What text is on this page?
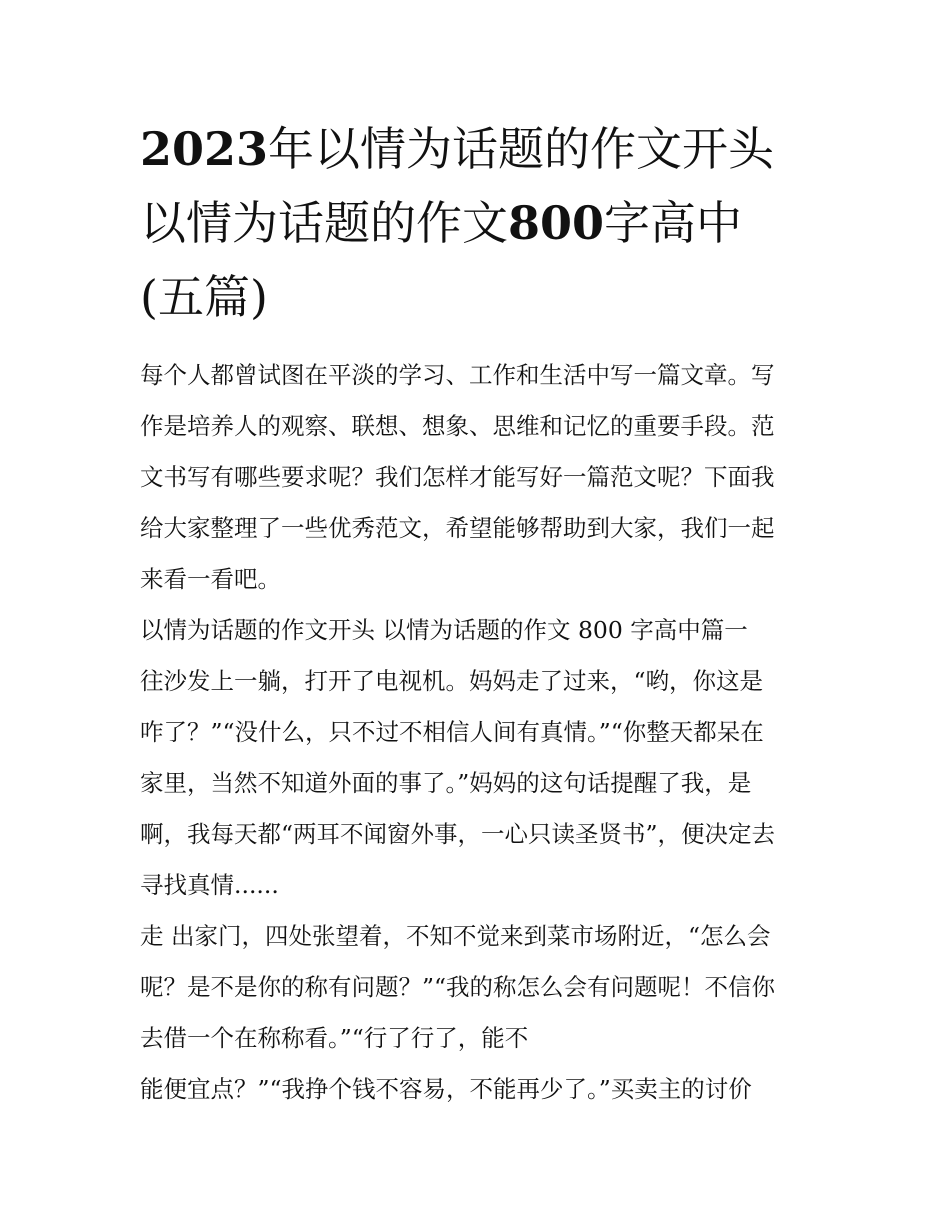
2023年以情为话题的作文开头
以情为话题的作文800字高中
(五篇)
每个人都曾试图在平淡的学习、工作和生活中写一篇文章。写
作是培养人的观察、联想、想象、思维和记忆的重要手段。范
文书写有哪些要求呢？我们怎样才能写好一篇范文呢？下面我
给大家整理了一些优秀范文，希望能够帮助到大家，我们一起
来看一看吧。
以情为话题的作文开头 以情为话题的作文 800 字高中篇一
往沙发上一躺，打开了电视机。妈妈走了过来，“哟，你这是
咋了？”“没什么，只不过不相信人间有真情。”“你整天都呆在
家里，当然不知道外面的事了。”妈妈的这句话提醒了我，是
啊，我每天都“两耳不闻窗外事，一心只读圣贤书”，便决定去
寻找真情......
走 出家门，四处张望着，不知不觉来到菜市场附近，“怎么会
呢？是不是你的称有问题？”“我的称怎么会有问题呢！不信你
去借一个在称称看。”“行了行了，能不
能便宜点？”“我挣个钱不容易，不能再少了。”买卖主的讨价
